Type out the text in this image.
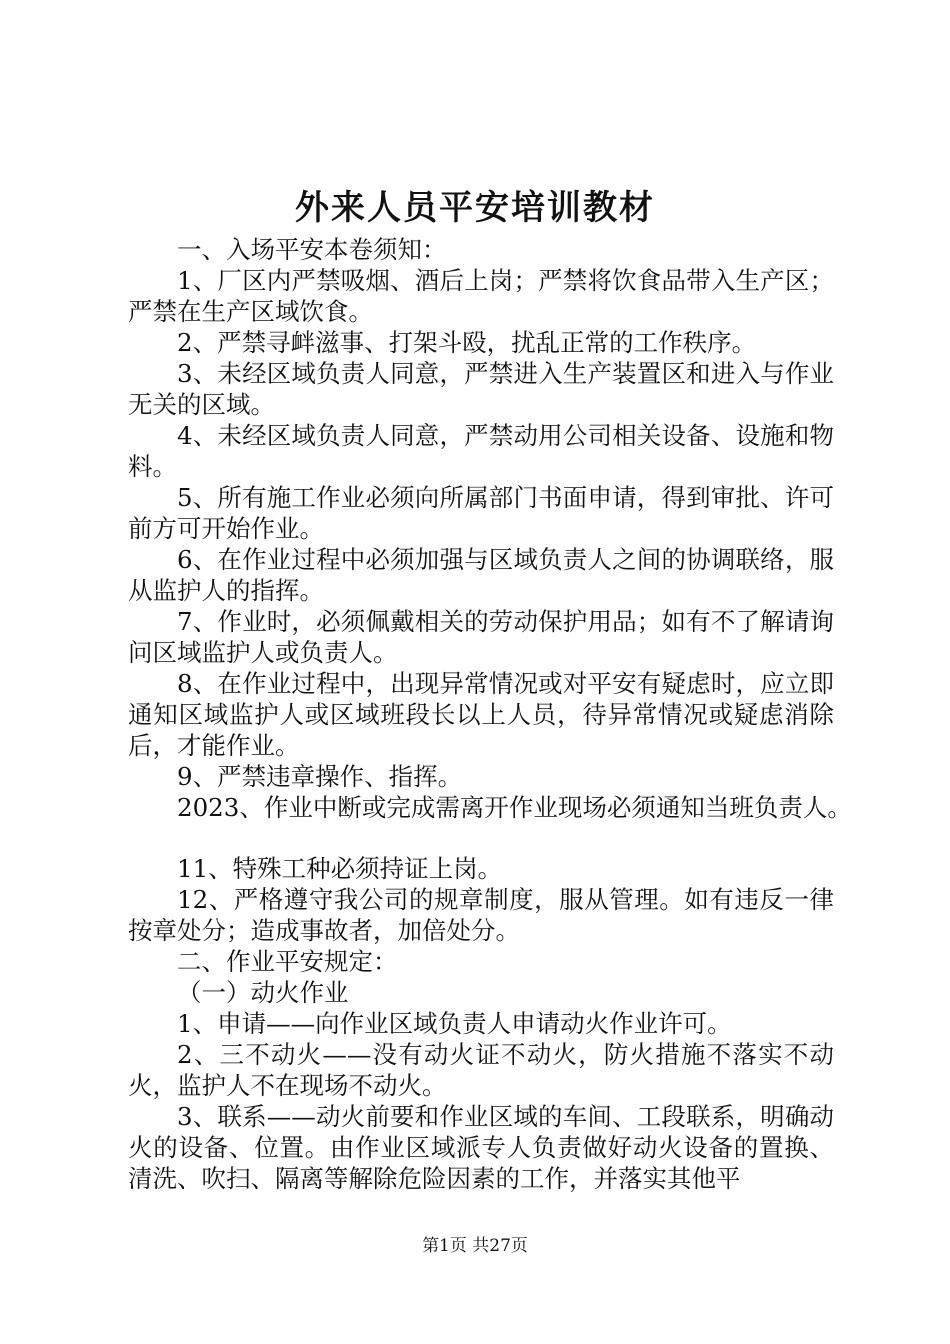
外来人员平安培训教材

一、入场平安本卷须知：

1、厂区内严禁吸烟、酒后上岗；严禁将饮食品带入生产区；严禁在生产区域饮食。

2、严禁寻衅滋事、打架斗殴，扰乱正常的工作秩序。

3、未经区域负责人同意，严禁进入生产装置区和进入与作业无关的区域。

4、未经区域负责人同意，严禁动用公司相关设备、设施和物料。

5、所有施工作业必须向所属部门书面申请，得到审批、许可前方可开始作业。

6、在作业过程中必须加强与区域负责人之间的协调联络，服从监护人的指挥。

7、作业时，必须佩戴相关的劳动保护用品；如有不了解请询问区域监护人或负责人。

8、在作业过程中，出现异常情况或对平安有疑虑时，应立即通知区域监护人或区域班段长以上人员，待异常情况或疑虑消除后，才能作业。

9、严禁违章操作、指挥。

2023、作业中断或完成需离开作业现场必须通知当班负责人。

11、特殊工种必须持证上岗。

12、严格遵守我公司的规章制度，服从管理。如有违反一律按章处分；造成事故者，加倍处分。

二、作业平安规定：

（一）动火作业

1、申请——向作业区域负责人申请动火作业许可。

2、三不动火——没有动火证不动火，防火措施不落实不动火，监护人不在现场不动火。

3、联系——动火前要和作业区域的车间、工段联系，明确动火的设备、位置。由作业区域派专人负责做好动火设备的置换、清洗、吹扫、隔离等解除危险因素的工作，并落实其他平

第1页 共27页
